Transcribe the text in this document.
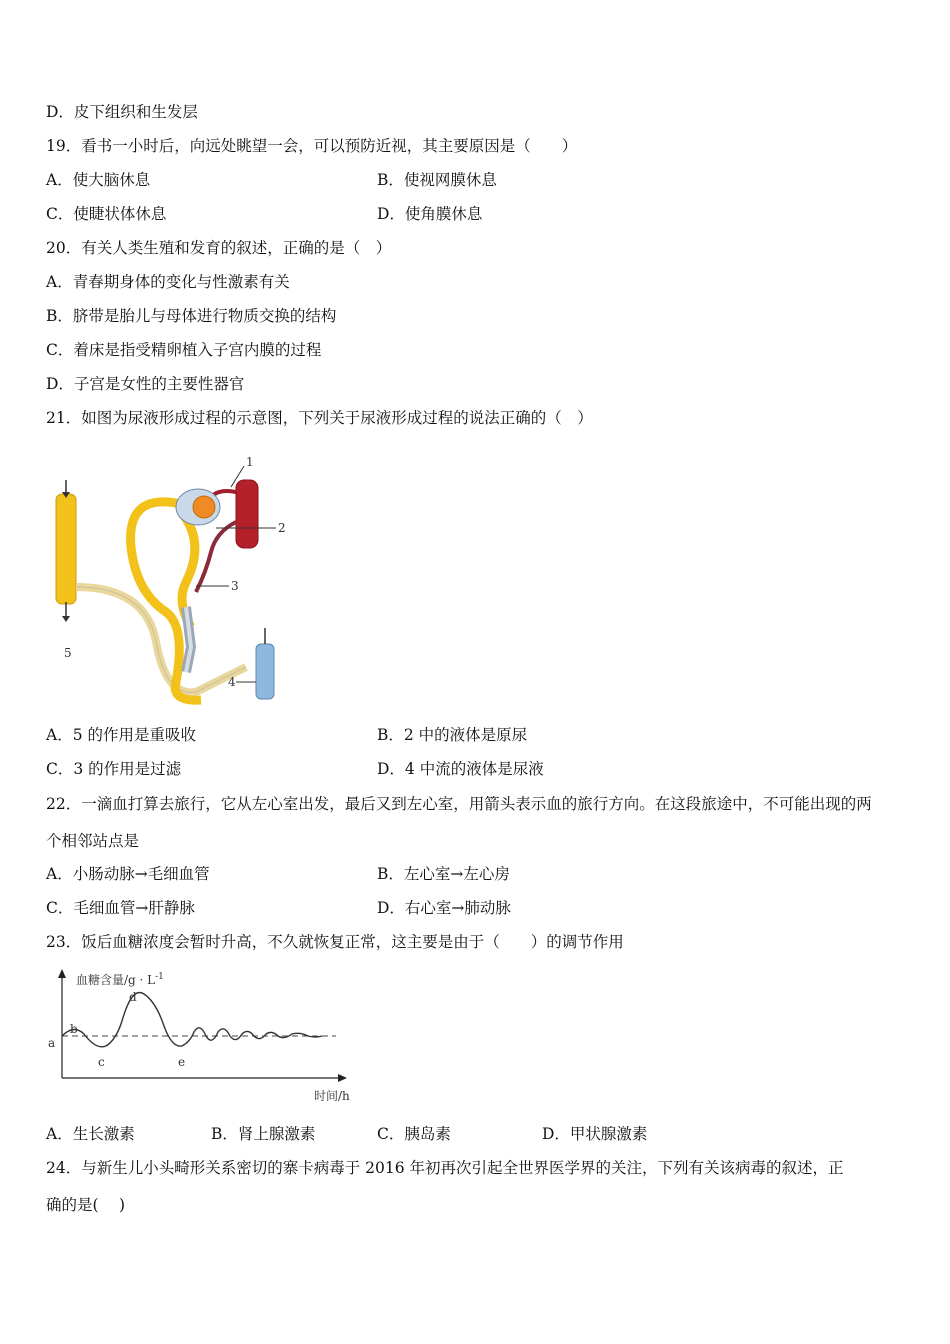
D．皮下组织和生发层
19．看书一小时后，向远处眺望一会，可以预防近视，其主要原因是（　　）
A．使大脑休息	B．使视网膜休息
C．使睫状体休息	D．使角膜休息
20．有关人类生殖和发育的叙述，正确的是（　）
A．青春期身体的变化与性激素有关
B．脐带是胎儿与母体进行物质交换的结构
C．着床是指受精卵植入子宫内膜的过程
D．子宫是女性的主要性器官
21．如图为尿液形成过程的示意图，下列关于尿液形成过程的说法正确的（　）
1
2
3
4
5
A．5 的作用是重吸收	B．2 中的液体是原尿
C．3 的作用是过滤	D．4 中流的液体是尿液
22．一滴血打算去旅行，它从左心室出发，最后又到左心室，用箭头表示血的旅行方向。在这段旅途中，不可能出现的两
个相邻站点是
A．小肠动脉→毛细血管	B．左心室→左心房
C．毛细血管→肝静脉	D．右心室→肺动脉
23．饭后血糖浓度会暂时升高，不久就恢复正常，这主要是由于（　　）的调节作用
a
b
c
d
e
血糖含量$/g \cdot L^{-1}$
时间/h
A．生长激素	B．肾上腺激素	C．胰岛素	D．甲状腺激素
24．与新生儿小头畸形关系密切的寨卡病毒于 2016 年初再次引起全世界医学界的关注，下列有关该病毒的叙述，正
确的是(　 )
